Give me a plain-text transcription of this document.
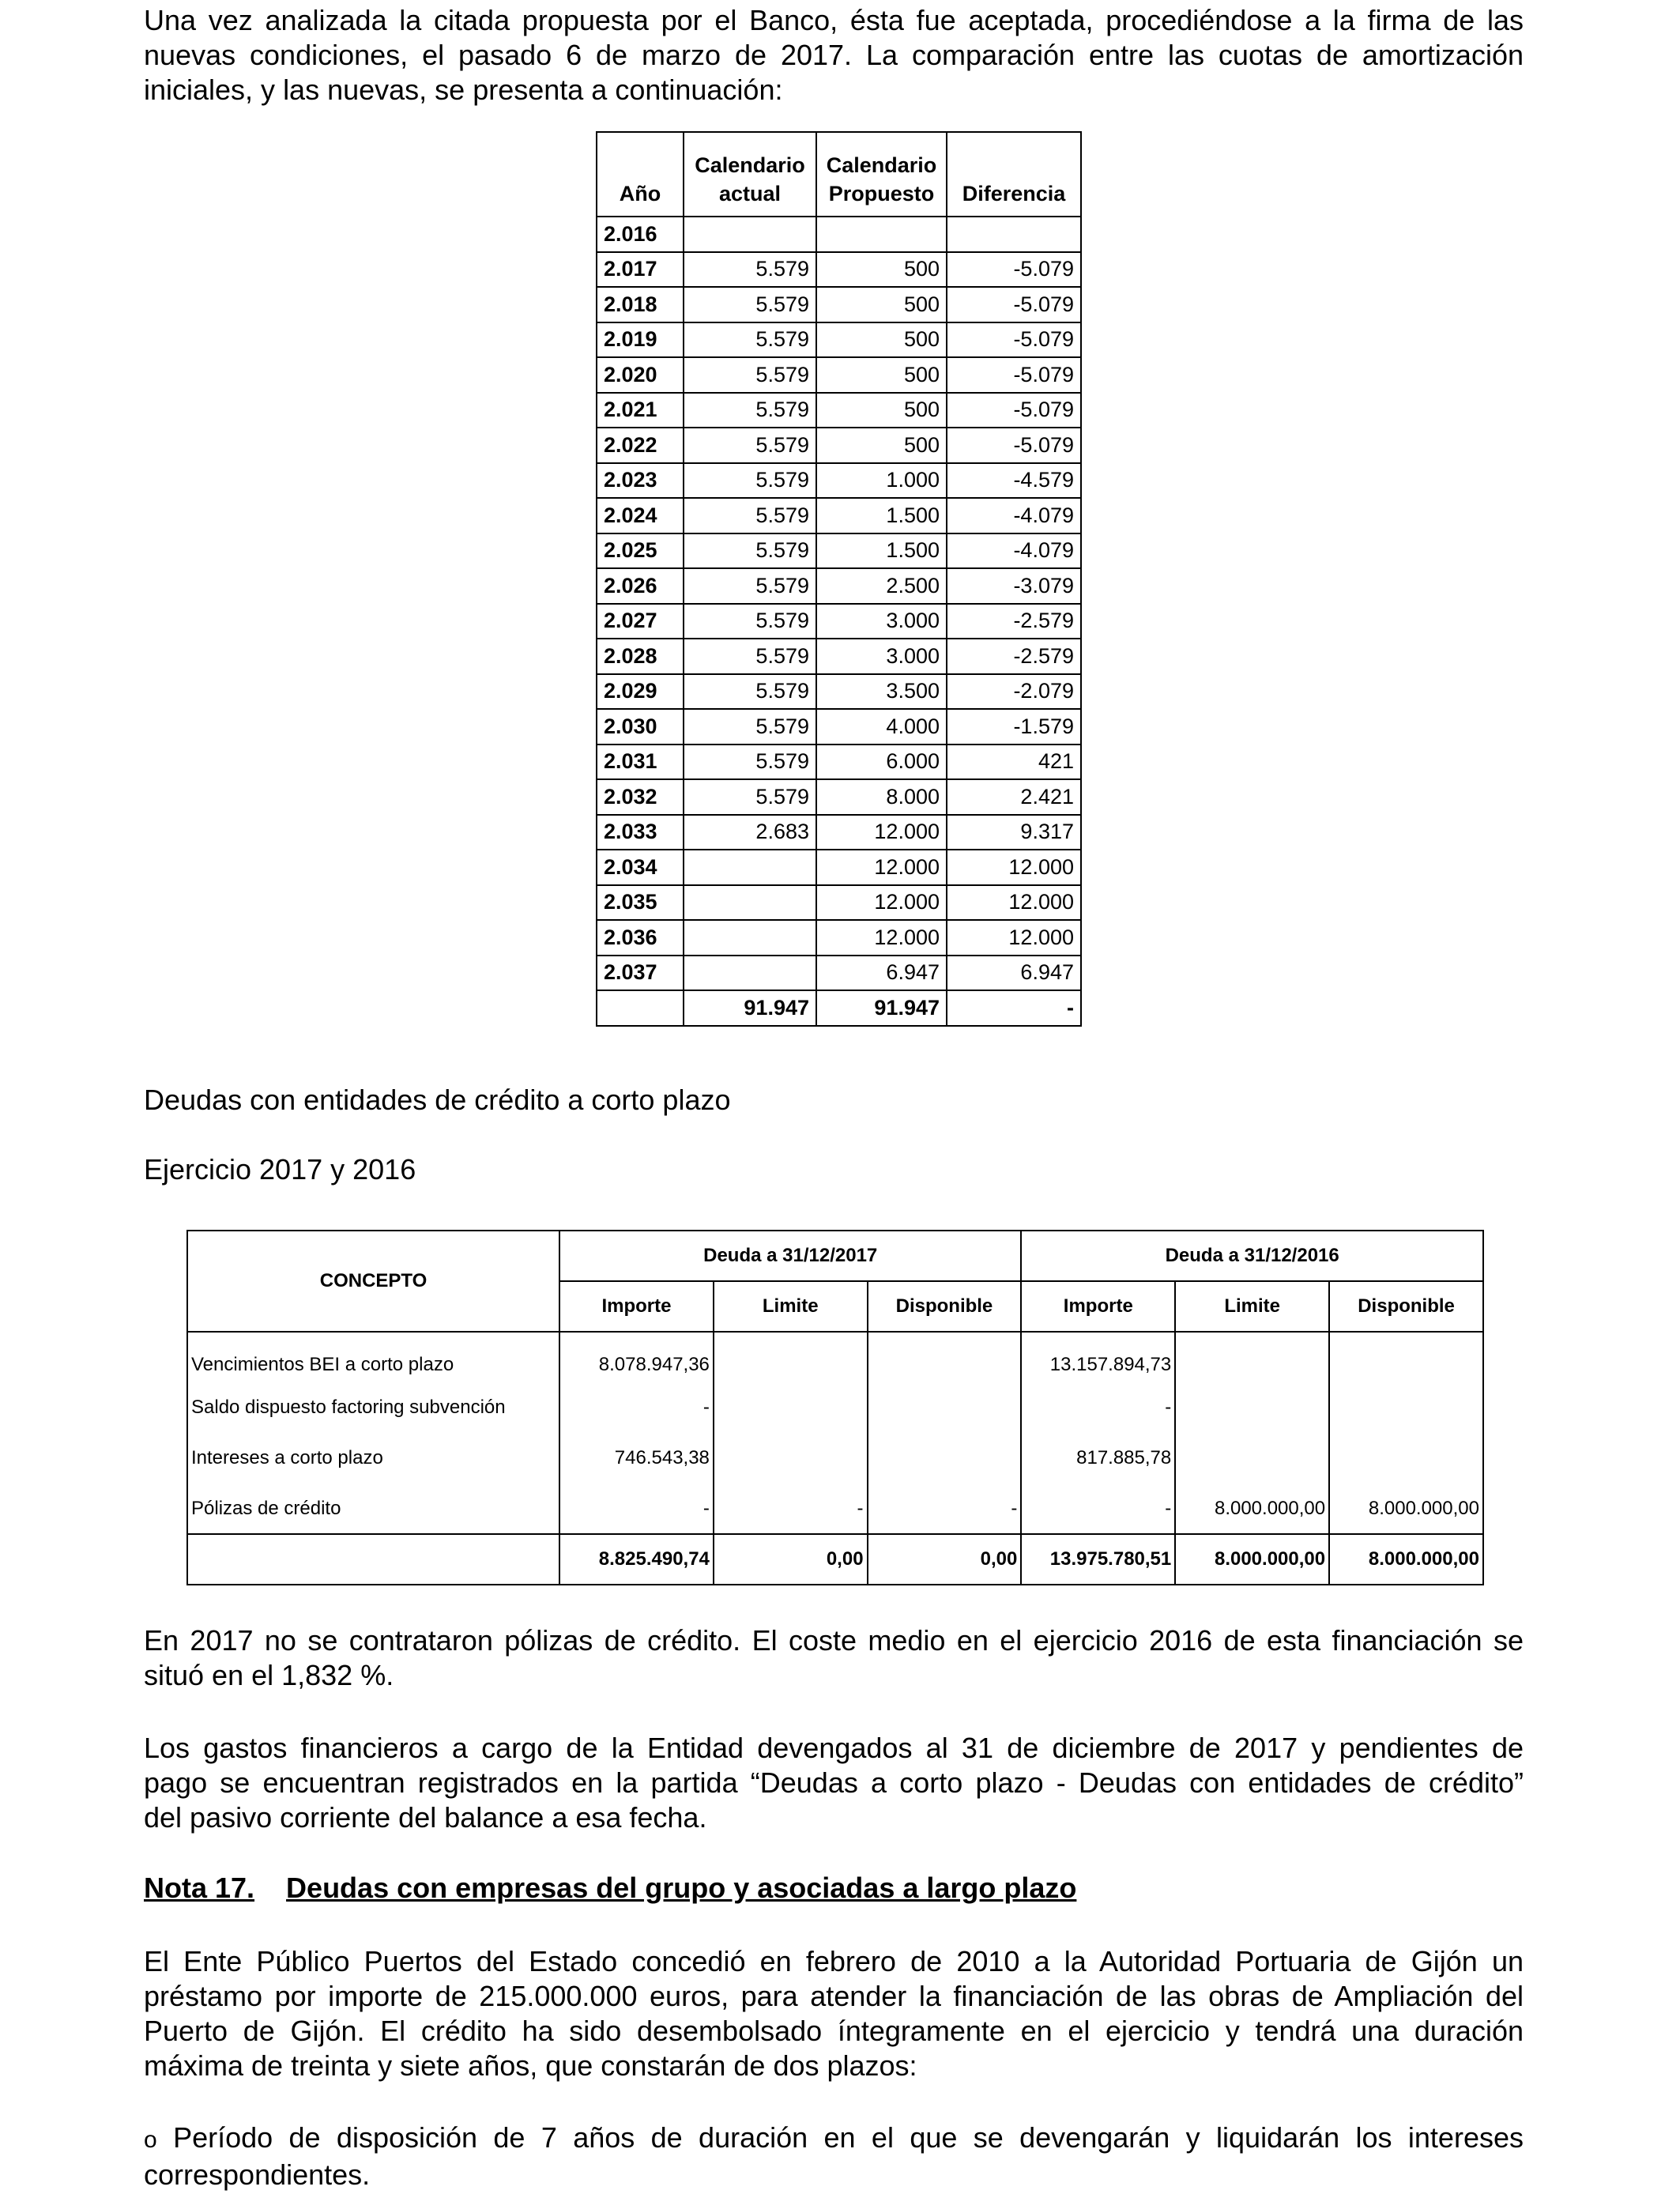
Una vez analizada la citada propuesta por el Banco, ésta fue aceptada, procediéndose a la firma de las
nuevas condiciones, el pasado 6 de marzo de 2017. La comparación entre las cuotas de amortización
iniciales, y las nuevas, se presenta a continuación:
Año	Calendario actual	Calendario Propuesto	Diferencia
2.016			
2.017	5.579	500	-5.079
2.018	5.579	500	-5.079
2.019	5.579	500	-5.079
2.020	5.579	500	-5.079
2.021	5.579	500	-5.079
2.022	5.579	500	-5.079
2.023	5.579	1.000	-4.579
2.024	5.579	1.500	-4.079
2.025	5.579	1.500	-4.079
2.026	5.579	2.500	-3.079
2.027	5.579	3.000	-2.579
2.028	5.579	3.000	-2.579
2.029	5.579	3.500	-2.079
2.030	5.579	4.000	-1.579
2.031	5.579	6.000	421
2.032	5.579	8.000	2.421
2.033	2.683	12.000	9.317
2.034		12.000	12.000
2.035		12.000	12.000
2.036		12.000	12.000
2.037		6.947	6.947
	91.947	91.947	-
Deudas con entidades de crédito a corto plazo
Ejercicio 2017 y 2016
CONCEPTO	Deuda a 31/12/2017			Deuda a 31/12/2016		
	Importe	Limite	Disponible	Importe	Limite	Disponible
Vencimientos BEI a corto plazo	8.078.947,36			13.157.894,73		
Saldo dispuesto factoring subvención	-			-		
Intereses a corto plazo	746.543,38			817.885,78		
Pólizas de crédito	-	-	-	-	8.000.000,00	8.000.000,00
	8.825.490,74	0,00	0,00	13.975.780,51	8.000.000,00	8.000.000,00
En 2017 no se contrataron pólizas de crédito. El coste medio en el ejercicio 2016 de esta financiación se
situó en el 1,832 %.
Los gastos financieros a cargo de la Entidad devengados al 31 de diciembre de 2017 y pendientes de
pago se encuentran registrados en la partida “Deudas a corto plazo - Deudas con entidades de crédito”
del pasivo corriente del balance a esa fecha.
Nota 17. Deudas con empresas del grupo y asociadas a largo plazo
El Ente Público Puertos del Estado concedió en febrero de 2010 a la Autoridad Portuaria de Gijón un
préstamo por importe de 215.000.000 euros, para atender la financiación de las obras de Ampliación del
Puerto de Gijón. El crédito ha sido desembolsado íntegramente en el ejercicio y tendrá una duración
máxima de treinta y siete años, que constarán de dos plazos:
o Período de disposición de 7 años de duración en el que se devengarán y liquidarán los intereses
correspondientes.
